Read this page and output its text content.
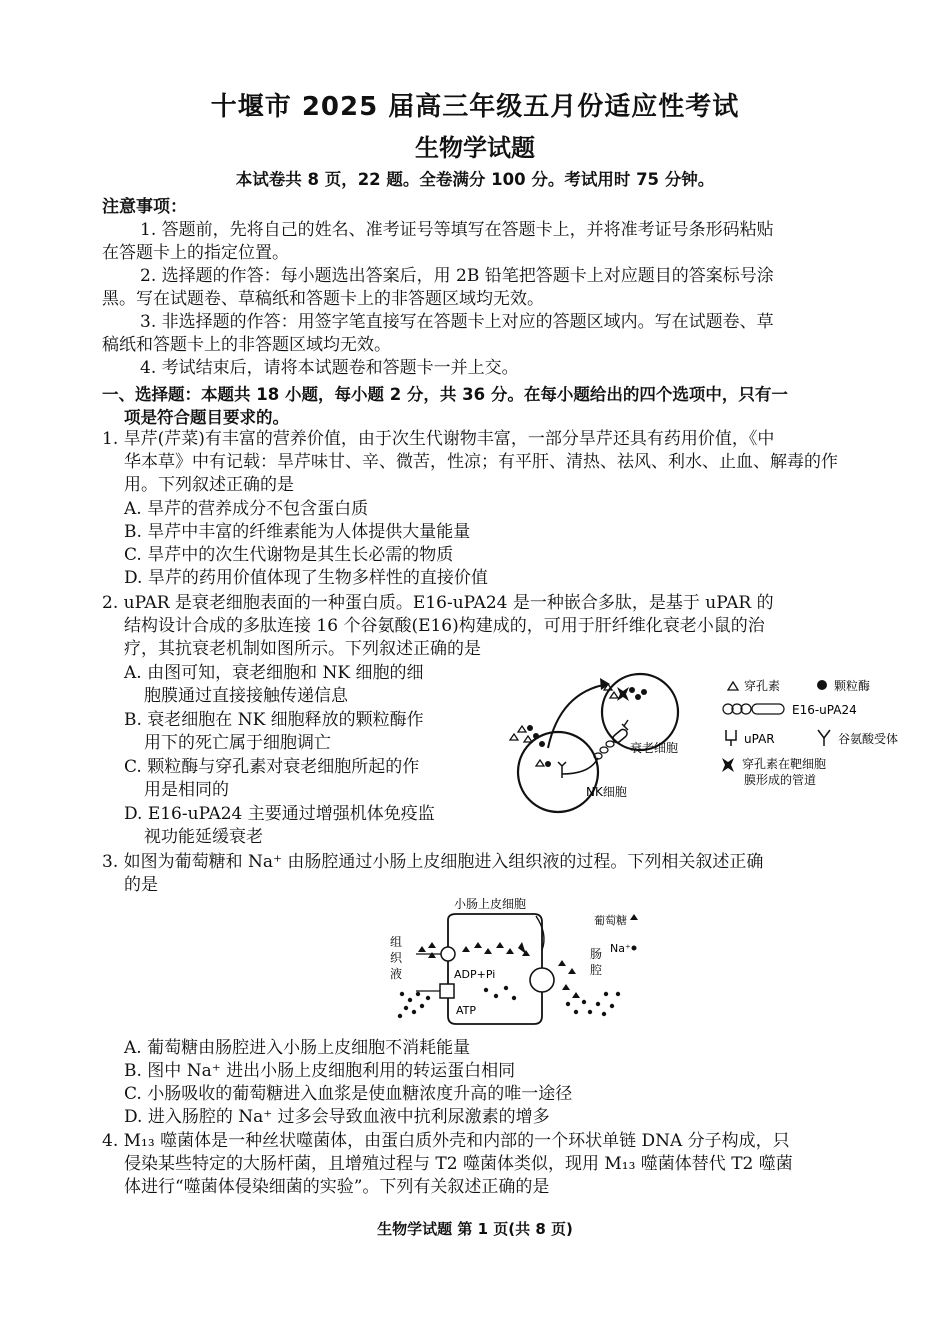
十堰市 2025 届高三年级五月份适应性考试
生物学试题
本试卷共 8 页，22 题。全卷满分 100 分。考试用时 75 分钟。
注意事项：
1. 答题前，先将自己的姓名、准考证号等填写在答题卡上，并将准考证号条形码粘贴
在答题卡上的指定位置。
2. 选择题的作答：每小题选出答案后，用 2B 铅笔把答题卡上对应题目的答案标号涂
黑。写在试题卷、草稿纸和答题卡上的非答题区域均无效。
3. 非选择题的作答：用签字笔直接写在答题卡上对应的答题区域内。写在试题卷、草
稿纸和答题卡上的非答题区域均无效。
4. 考试结束后，请将本试题卷和答题卡一并上交。
一、选择题：本题共 18 小题，每小题 2 分，共 36 分。在每小题给出的四个选项中，只有一
项是符合题目要求的。
1. 旱芹(芹菜)有丰富的营养价值，由于次生代谢物丰富，一部分旱芹还具有药用价值，《中
华本草》中有记载：旱芹味甘、辛、微苦，性凉；有平肝、清热、祛风、利水、止血、解毒的作
用。下列叙述正确的是
A. 旱芹的营养成分不包含蛋白质
B. 旱芹中丰富的纤维素能为人体提供大量能量
C. 旱芹中的次生代谢物是其生长必需的物质
D. 旱芹的药用价值体现了生物多样性的直接价值
2. uPAR 是衰老细胞表面的一种蛋白质。E16-uPA24 是一种嵌合多肽，是基于 uPAR 的
结构设计合成的多肽连接 16 个谷氨酸(E16)构建成的，可用于肝纤维化衰老小鼠的治
疗，其抗衰老机制如图所示。下列叙述正确的是
A. 由图可知，衰老细胞和 NK 细胞的细
胞膜通过直接接触传递信息
B. 衰老细胞在 NK 细胞释放的颗粒酶作
用下的死亡属于细胞调亡
C. 颗粒酶与穿孔素对衰老细胞所起的作
用是相同的
D. E16-uPA24 主要通过增强机体免疫监
视功能延缓衰老
衰老细胞
NK细胞
穿孔素	颗粒酶
E16-uPA24
uPAR	谷氨酸受体
穿孔素在靶细胞
膜形成的管道
3. 如图为葡萄糖和 Na⁺ 由肠腔通过小肠上皮细胞进入组织液的过程。下列相关叙述正确
的是
小肠上皮细胞
组
织
液
肠
腔
ADP+Pi
ATP
葡萄糖
Na⁺
A. 葡萄糖由肠腔进入小肠上皮细胞不消耗能量
B. 图中 Na⁺ 进出小肠上皮细胞利用的转运蛋白相同
C. 小肠吸收的葡萄糖进入血浆是使血糖浓度升高的唯一途径
D. 进入肠腔的 Na⁺ 过多会导致血液中抗利尿激素的增多
4. M₁₃ 噬菌体是一种丝状噬菌体，由蛋白质外壳和内部的一个环状单链 DNA 分子构成，只
侵染某些特定的大肠杆菌，且增殖过程与 T2 噬菌体类似，现用 M₁₃ 噬菌体替代 T2 噬菌
体进行“噬菌体侵染细菌的实验”。下列有关叙述正确的是
生物学试题 第 1 页(共 8 页)
